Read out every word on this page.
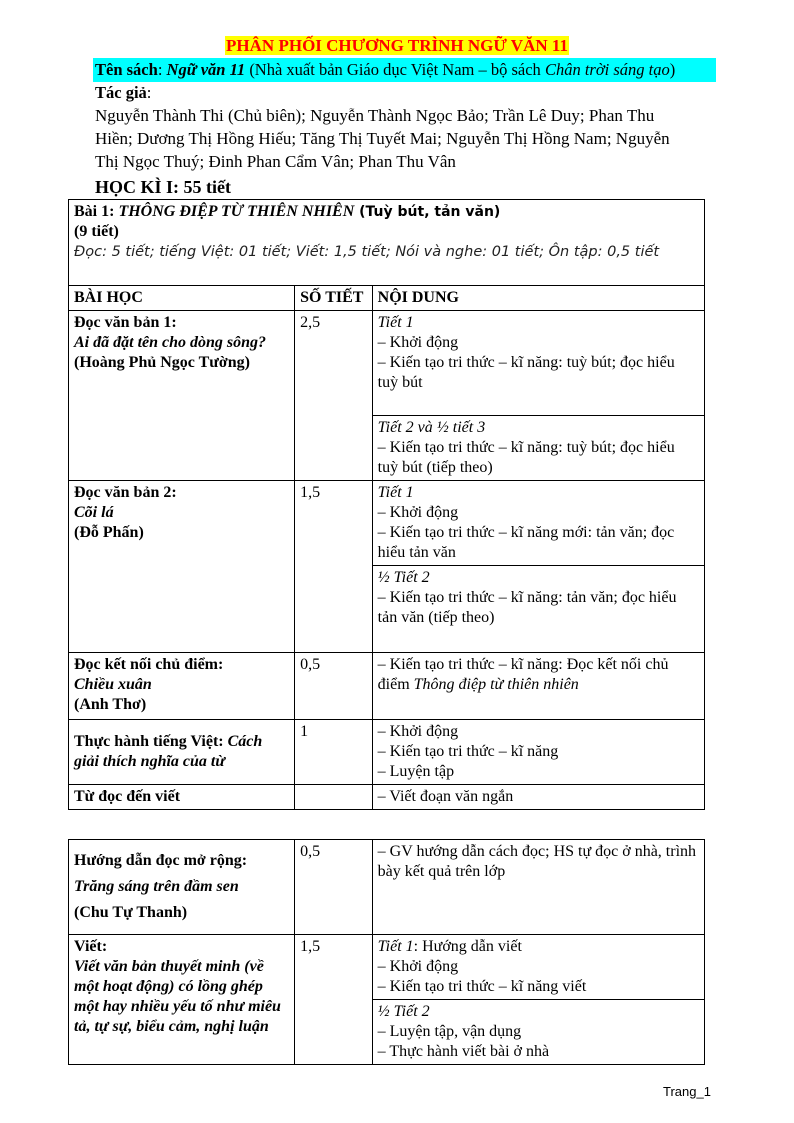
PHÂN PHỐI CHƯƠNG TRÌNH NGỮ VĂN 11
Tên sách: Ngữ văn 11 (Nhà xuất bản Giáo dục Việt Nam – bộ sách Chân trời sáng tạo)
Tác giả:
Nguyễn Thành Thi (Chủ biên); Nguyễn Thành Ngọc Bảo; Trần Lê Duy; Phan Thu Hiền; Dương Thị Hồng Hiếu; Tăng Thị Tuyết Mai; Nguyễn Thị Hồng Nam; Nguyễn Thị Ngọc Thuý; Đinh Phan Cẩm Vân; Phan Thu Vân
HỌC KÌ I: 55 tiết
Bài 1: THÔNG ĐIỆP TỪ THIÊN NHIÊN (Tuỳ bút, tản văn)
(9 tiết)
Đọc: 5 tiết; tiếng Việt: 01 tiết; Viết: 1,5 tiết; Nói và nghe: 01 tiết; Ôn tập: 0,5 tiết		

BÀI HỌC	SỐ TIẾT	NỘI DUNG

Đọc văn bản 1:
Ai đã đặt tên cho dòng sông?
(Hoàng Phủ Ngọc Tường)	2,5	Tiết 1
– Khởi động
– Kiến tạo tri thức – kĩ năng: tuỳ bút; đọc hiểu tuỳ bút

		Tiết 2 và ½ tiết 3
– Kiến tạo tri thức – kĩ năng: tuỳ bút; đọc hiểu tuỳ bút (tiếp theo)

Đọc văn bản 2:
Cõi lá
(Đỗ Phấn)	1,5	Tiết 1
– Khởi động
– Kiến tạo tri thức – kĩ năng mới: tản văn; đọc hiểu tản văn

		½ Tiết 2
– Kiến tạo tri thức – kĩ năng: tản văn; đọc hiểu tản văn (tiếp theo)

Đọc kết nối chủ điểm:
Chiều xuân
(Anh Thơ)	0,5	– Kiến tạo tri thức – kĩ năng: Đọc kết nối chủ điểm Thông điệp từ thiên nhiên
Thực hành tiếng Việt: Cách giải thích nghĩa của từ	1	– Khởi động
– Kiến tạo tri thức – kĩ năng
– Luyện tập

Từ đọc đến viết		– Viết đoạn văn ngắn
Hướng dẫn đọc mở rộng:
Trăng sáng trên đầm sen
(Chu Tự Thanh)	0,5	– GV hướng dẫn cách đọc; HS tự đọc ở nhà, trình bày kết quả trên lớp

Viết:
Viết văn bản thuyết minh (về một hoạt động) có lồng ghép một hay nhiều yếu tố như miêu tả, tự sự, biểu cảm, nghị luận	1,5	Tiết 1: Hướng dẫn viết
– Khởi động
– Kiến tạo tri thức – kĩ năng viết

		½ Tiết 2
– Luyện tập, vận dụng
– Thực hành viết bài ở nhà
Trang_1
